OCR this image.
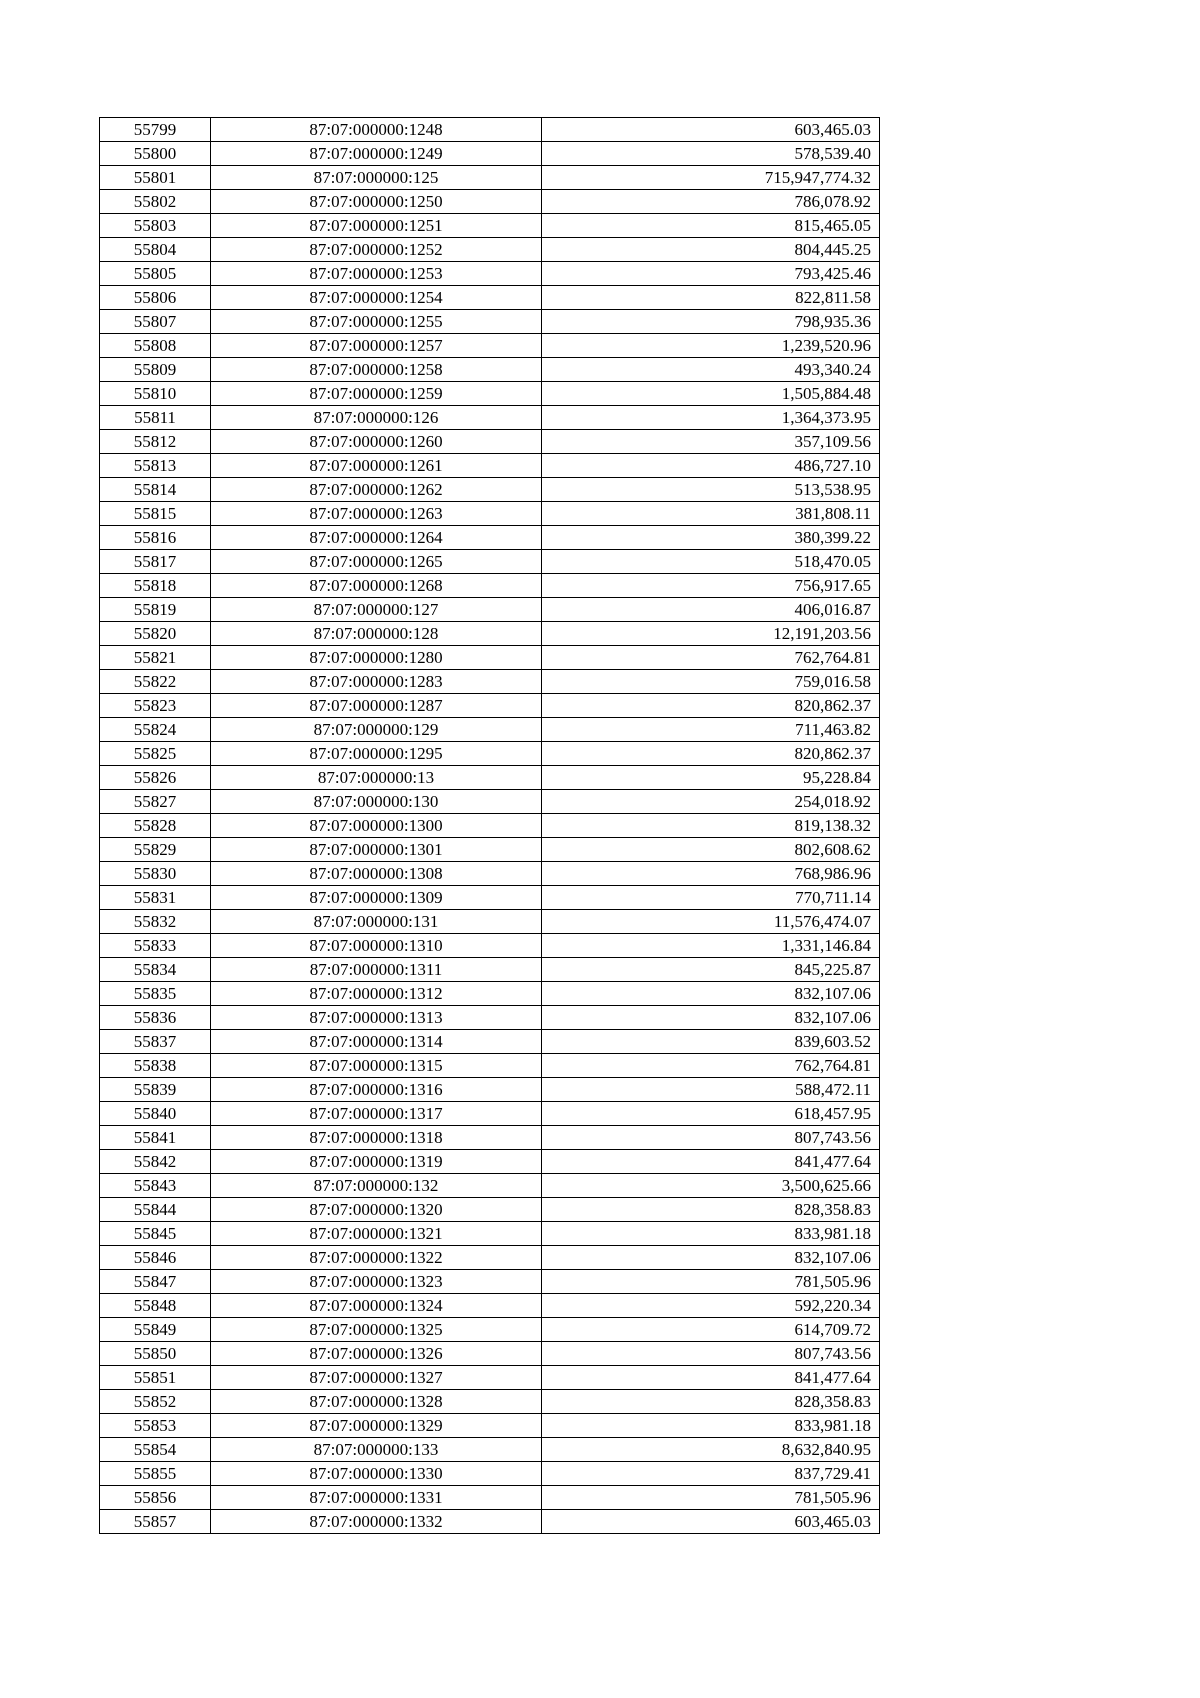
55799	87:07:000000:1248	603,465.03
55800	87:07:000000:1249	578,539.40
55801	87:07:000000:125	715,947,774.32
55802	87:07:000000:1250	786,078.92
55803	87:07:000000:1251	815,465.05
55804	87:07:000000:1252	804,445.25
55805	87:07:000000:1253	793,425.46
55806	87:07:000000:1254	822,811.58
55807	87:07:000000:1255	798,935.36
55808	87:07:000000:1257	1,239,520.96
55809	87:07:000000:1258	493,340.24
55810	87:07:000000:1259	1,505,884.48
55811	87:07:000000:126	1,364,373.95
55812	87:07:000000:1260	357,109.56
55813	87:07:000000:1261	486,727.10
55814	87:07:000000:1262	513,538.95
55815	87:07:000000:1263	381,808.11
55816	87:07:000000:1264	380,399.22
55817	87:07:000000:1265	518,470.05
55818	87:07:000000:1268	756,917.65
55819	87:07:000000:127	406,016.87
55820	87:07:000000:128	12,191,203.56
55821	87:07:000000:1280	762,764.81
55822	87:07:000000:1283	759,016.58
55823	87:07:000000:1287	820,862.37
55824	87:07:000000:129	711,463.82
55825	87:07:000000:1295	820,862.37
55826	87:07:000000:13	95,228.84
55827	87:07:000000:130	254,018.92
55828	87:07:000000:1300	819,138.32
55829	87:07:000000:1301	802,608.62
55830	87:07:000000:1308	768,986.96
55831	87:07:000000:1309	770,711.14
55832	87:07:000000:131	11,576,474.07
55833	87:07:000000:1310	1,331,146.84
55834	87:07:000000:1311	845,225.87
55835	87:07:000000:1312	832,107.06
55836	87:07:000000:1313	832,107.06
55837	87:07:000000:1314	839,603.52
55838	87:07:000000:1315	762,764.81
55839	87:07:000000:1316	588,472.11
55840	87:07:000000:1317	618,457.95
55841	87:07:000000:1318	807,743.56
55842	87:07:000000:1319	841,477.64
55843	87:07:000000:132	3,500,625.66
55844	87:07:000000:1320	828,358.83
55845	87:07:000000:1321	833,981.18
55846	87:07:000000:1322	832,107.06
55847	87:07:000000:1323	781,505.96
55848	87:07:000000:1324	592,220.34
55849	87:07:000000:1325	614,709.72
55850	87:07:000000:1326	807,743.56
55851	87:07:000000:1327	841,477.64
55852	87:07:000000:1328	828,358.83
55853	87:07:000000:1329	833,981.18
55854	87:07:000000:133	8,632,840.95
55855	87:07:000000:1330	837,729.41
55856	87:07:000000:1331	781,505.96
55857	87:07:000000:1332	603,465.03
